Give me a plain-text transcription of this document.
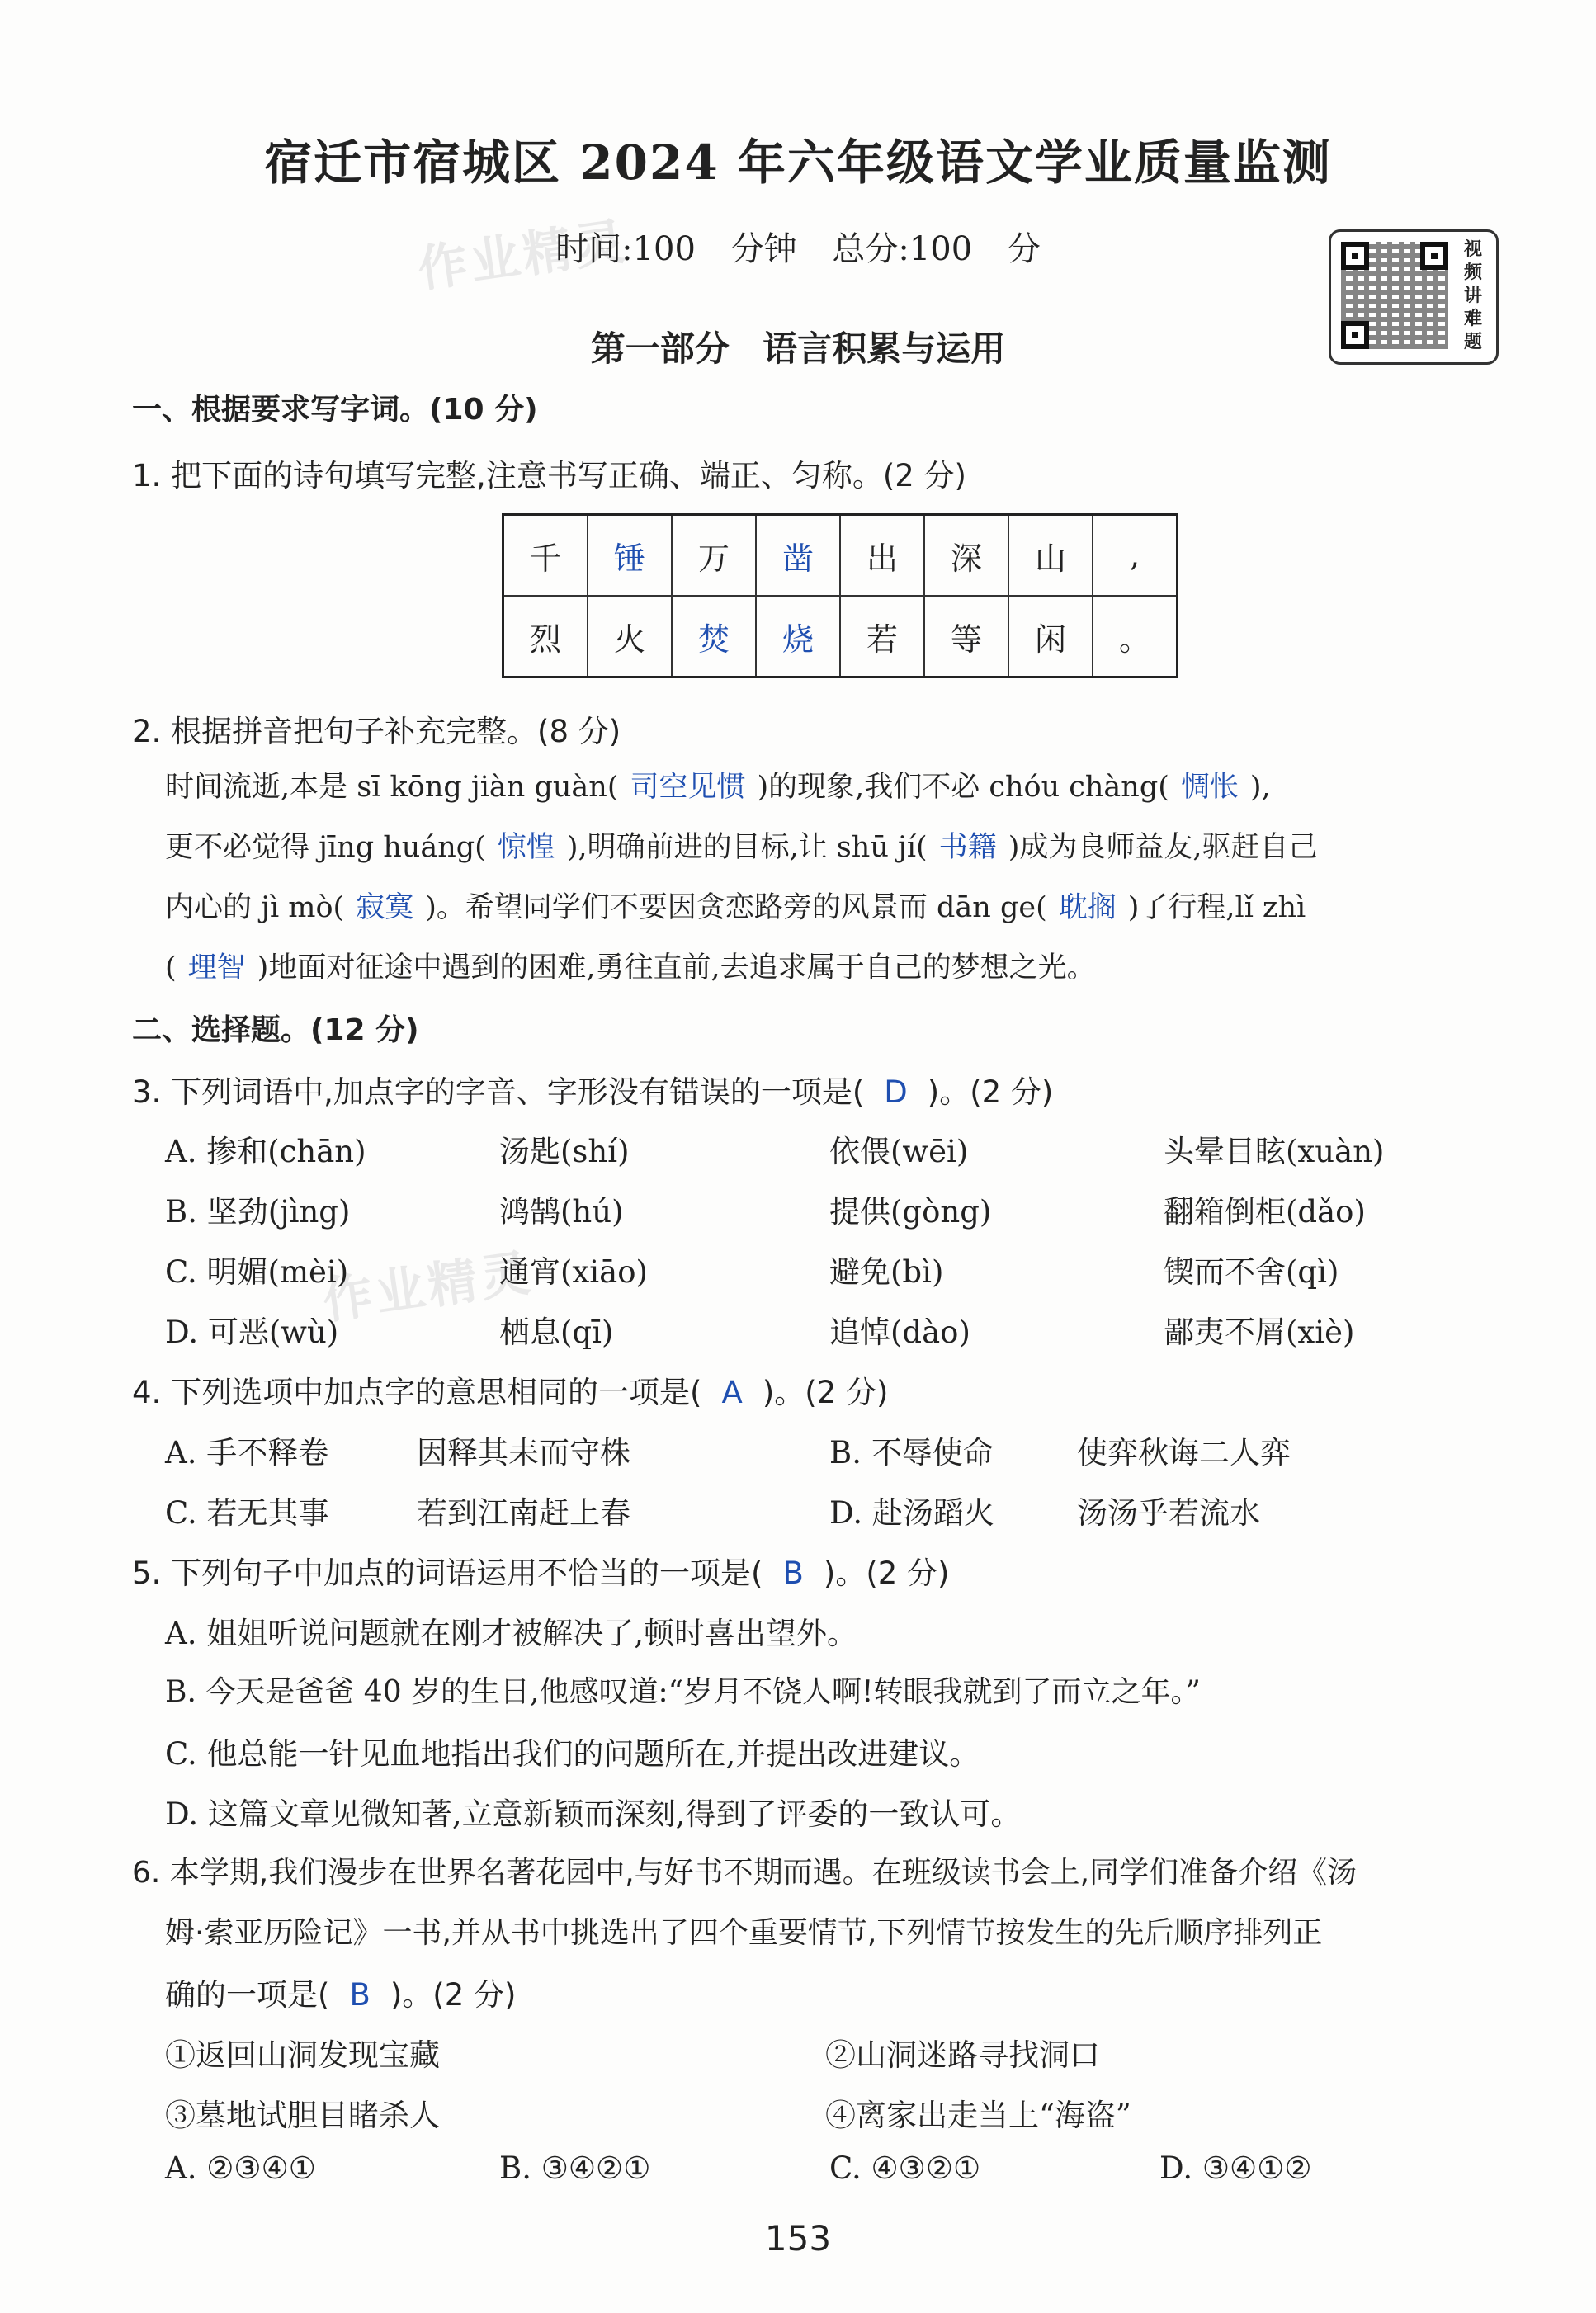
作业精灵
作业精灵
宿迁市宿城区 2024 年六年级语文学业质量监测
时间:100 分钟 总分:100 分	视
频
讲
难
题
第一部分 语言积累与运用
一、根据要求写字词。(10 分)
1. 把下面的诗句填写完整,注意书写正确、端正、匀称。(2 分)
千	锤	万	凿	出	深	山	,
烈	火	焚	烧	若	等	闲	。
2. 根据拼音把句子补充完整。(8 分)
时间流逝,本是 sī kōng jiàn guàn( 司空见惯 )的现象,我们不必 chóu chàng( 惆怅 ),
更不必觉得 jīng huáng( 惊惶 ),明确前进的目标,让 shū jí( 书籍 )成为良师益友,驱赶自己
内心的 jì mò( 寂寞 )。希望同学们不要因贪恋路旁的风景而 dān ge( 耽搁 )了行程,lǐ zhì
( 理智 )地面对征途中遇到的困难,勇往直前,去追求属于自己的梦想之光。
二、选择题。(12 分)
3. 下列词语中,加点字的字音、字形没有错误的一项是( D )。(2 分)
A. 掺和(chān)	汤匙(shí)	依偎(wēi)	头晕目眩(xuàn)
B. 坚劲(jìng)	鸿鹄(hú)	提供(gòng)	翻箱倒柜(dǎo)
C. 明媚(mèi)	通宵(xiāo)	避免(bì)	锲而不舍(qì)
D. 可恶(wù)	栖息(qī)	追悼(dào)	鄙夷不屑(xiè)
4. 下列选项中加点字的意思相同的一项是( A )。(2 分)
A. 手不释卷	因释其耒而守株	B. 不辱使命	使弈秋诲二人弈
C. 若无其事	若到江南赶上春	D. 赴汤蹈火	汤汤乎若流水
5. 下列句子中加点的词语运用不恰当的一项是( B )。(2 分)
A. 姐姐听说问题就在刚才被解决了,顿时喜出望外。
B. 今天是爸爸 40 岁的生日,他感叹道:“岁月不饶人啊!转眼我就到了而立之年。”
C. 他总能一针见血地指出我们的问题所在,并提出改进建议。
D. 这篇文章见微知著,立意新颖而深刻,得到了评委的一致认可。
6. 本学期,我们漫步在世界名著花园中,与好书不期而遇。在班级读书会上,同学们准备介绍《汤
姆·索亚历险记》一书,并从书中挑选出了四个重要情节,下列情节按发生的先后顺序排列正
确的一项是( B )。(2 分)
①返回山洞发现宝藏	②山洞迷路寻找洞口
③墓地试胆目睹杀人	④离家出走当上“海盗”
A. ②③④①	B. ③④②①	C. ④③②①	D. ③④①②
153
